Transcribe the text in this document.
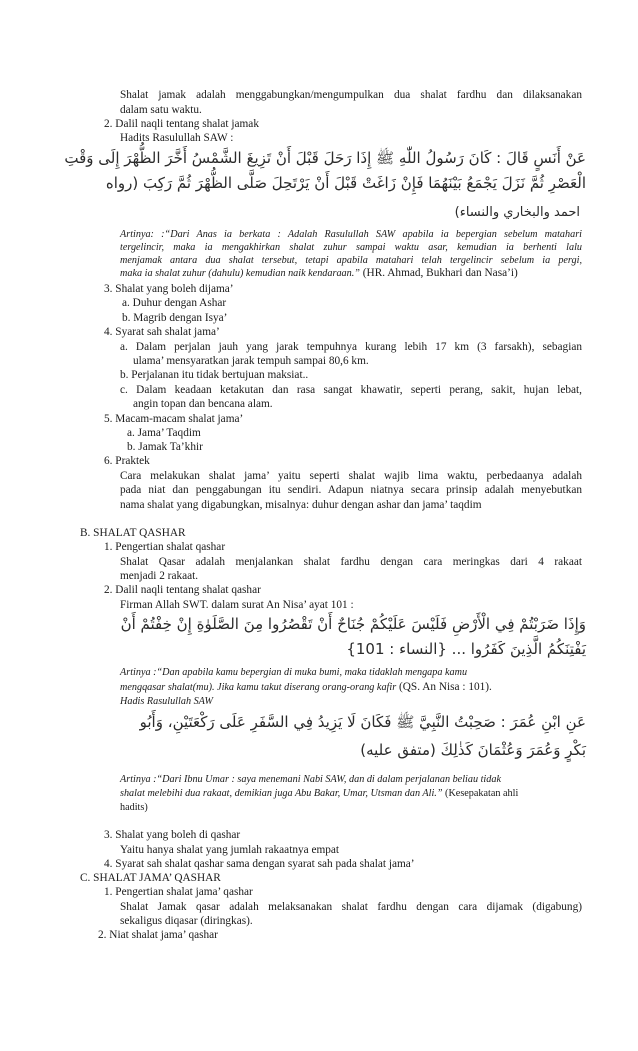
Shalat jamak adalah menggabungkan/mengumpulkan dua shalat fardhu dan dilaksanakan
dalam satu waktu.
2. Dalil naqli tentang shalat jamak
Hadits Rasulullah SAW :
عَنْ أَنَسٍ قَالَ : كَانَ رَسُولُ اللّٰهِ ﷺ إِذَا رَحَلَ قَبْلَ أَنْ تَزِيغَ الشَّمْسُ أَخَّرَ الظُّهْرَ إِلَى وَقْتِ
الْعَصْرِ ثُمَّ نَزَلَ يَجْمَعُ بَيْنَهُمَا فَإِنْ زَاغَتْ قَبْلَ أَنْ يَرْتَحِلَ صَلَّى الظُّهْرَ ثُمَّ رَكِبَ (رواه
احمد والبخاري والنساء)
Artinya: :“Dari Anas ia berkata : Adalah Rasulullah SAW apabila ia bepergian sebelum matahari
tergelincir, maka ia mengakhirkan shalat zuhur sampai waktu asar, kemudian ia berhenti lalu
menjamak antara dua shalat tersebut, tetapi apabila matahari telah tergelincir sebelum ia pergi,
maka ia shalat zuhur (dahulu) kemudian naik kendaraan.” (HR. Ahmad, Bukhari dan Nasa’i)
3. Shalat yang boleh dijama’
a. Duhur dengan Ashar
b. Magrib dengan Isya’
4. Syarat sah shalat jama’
a. Dalam perjalan jauh yang jarak tempuhnya kurang lebih 17 km (3 farsakh), sebagian
ulama’ mensyaratkan jarak tempuh sampai 80,6 km.
b. Perjalanan itu tidak bertujuan maksiat..
c. Dalam keadaan ketakutan dan rasa sangat khawatir, seperti perang, sakit, hujan lebat,
angin topan dan bencana alam.
5. Macam-macam shalat jama’
a. Jama’ Taqdim
b. Jamak Ta’khir
6. Praktek
Cara melakukan shalat jama’ yaitu seperti shalat wajib lima waktu, perbedaanya adalah
pada niat dan penggabungan itu sendiri. Adapun niatnya secara prinsip adalah menyebutkan
nama shalat yang digabungkan, misalnya: duhur dengan ashar dan jama’ taqdim
B. SHALAT QASHAR
1. Pengertian shalat qashar
Shalat Qasar adalah menjalankan shalat fardhu dengan cara meringkas dari 4 rakaat
menjadi 2 rakaat.
2. Dalil naqli tentang shalat qashar
Firman Allah SWT. dalam surat An Nisa’ ayat 101 :
وَإِذَا ضَرَبْتُمْ فِي الْأَرْضِ فَلَيْسَ عَلَيْكُمْ جُنَاحٌ أَنْ تَقْصُرُوا مِنَ الصَّلَوٰةِ إِنْ خِفْتُمْ أَنْ
يَفْتِنَكُمُ الَّذِينَ كَفَرُوا ... {النساء : 101}
Artinya :“Dan apabila kamu bepergian di muka bumi, maka tidaklah mengapa kamu
mengqasar shalat(mu). Jika kamu takut diserang orang-orang kafir (QS. An Nisa : 101).
Hadis Rasulullah SAW
عَنِ ابْنِ عُمَرَ : صَحِبْتُ النَّبِيَّ ﷺ فَكَانَ لَا يَزِيدُ فِي السَّفَرِ عَلَى رَكْعَتَيْنِ، وَأَبُو
بَكْرٍ وَعُمَرَ وَعُثْمَانَ كَذٰلِكَ (متفق عليه)
Artinya :“Dari Ibnu Umar : saya menemani Nabi SAW, dan di dalam perjalanan beliau tidak
shalat melebihi dua rakaat, demikian juga Abu Bakar, Umar, Utsman dan Ali.” (Kesepakatan ahli
hadits)
3. Shalat yang boleh di qashar
Yaitu hanya shalat yang jumlah rakaatnya empat
4. Syarat sah shalat qashar sama dengan syarat sah pada shalat jama’
C. SHALAT JAMA’ QASHAR
1. Pengertian shalat jama’ qashar
Shalat Jamak qasar adalah melaksanakan shalat fardhu dengan cara dijamak (digabung)
sekaligus diqasar (diringkas).
2. Niat shalat jama’ qashar
